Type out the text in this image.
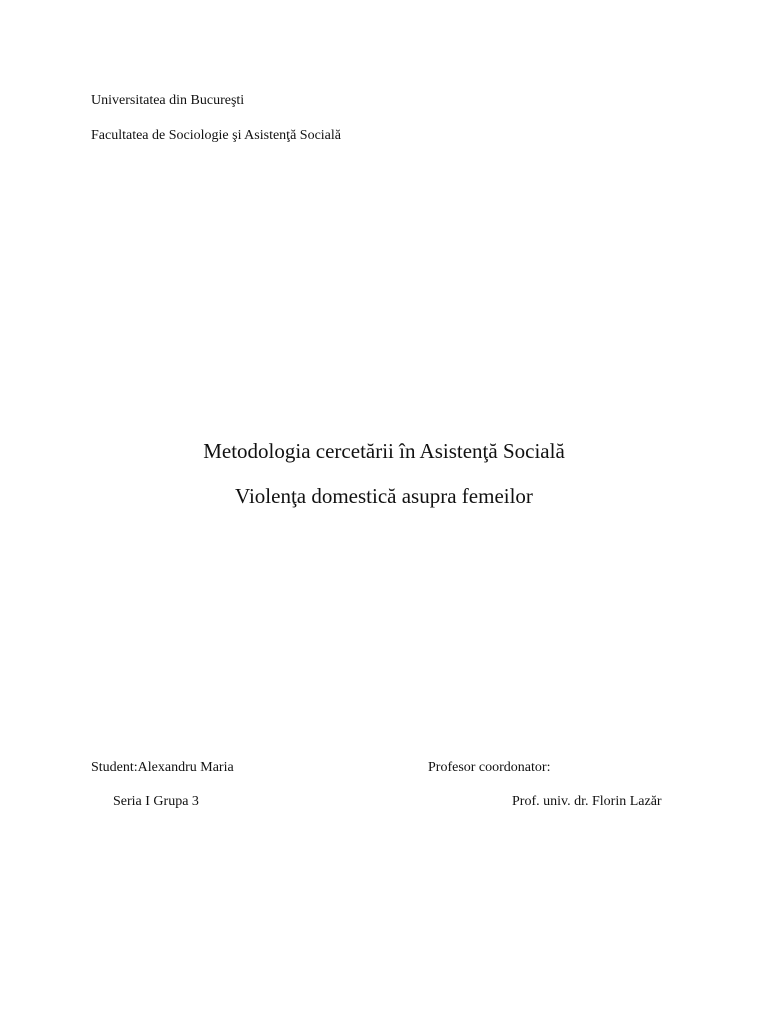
Universitatea din Bucureşti
Facultatea de Sociologie şi Asistenţă Socială
Metodologia cercetării în Asistenţă Socială
Violenţa domestică asupra femeilor
Student:Alexandru Maria
Seria I Grupa 3
Profesor coordonator:
Prof. univ. dr. Florin Lazăr
